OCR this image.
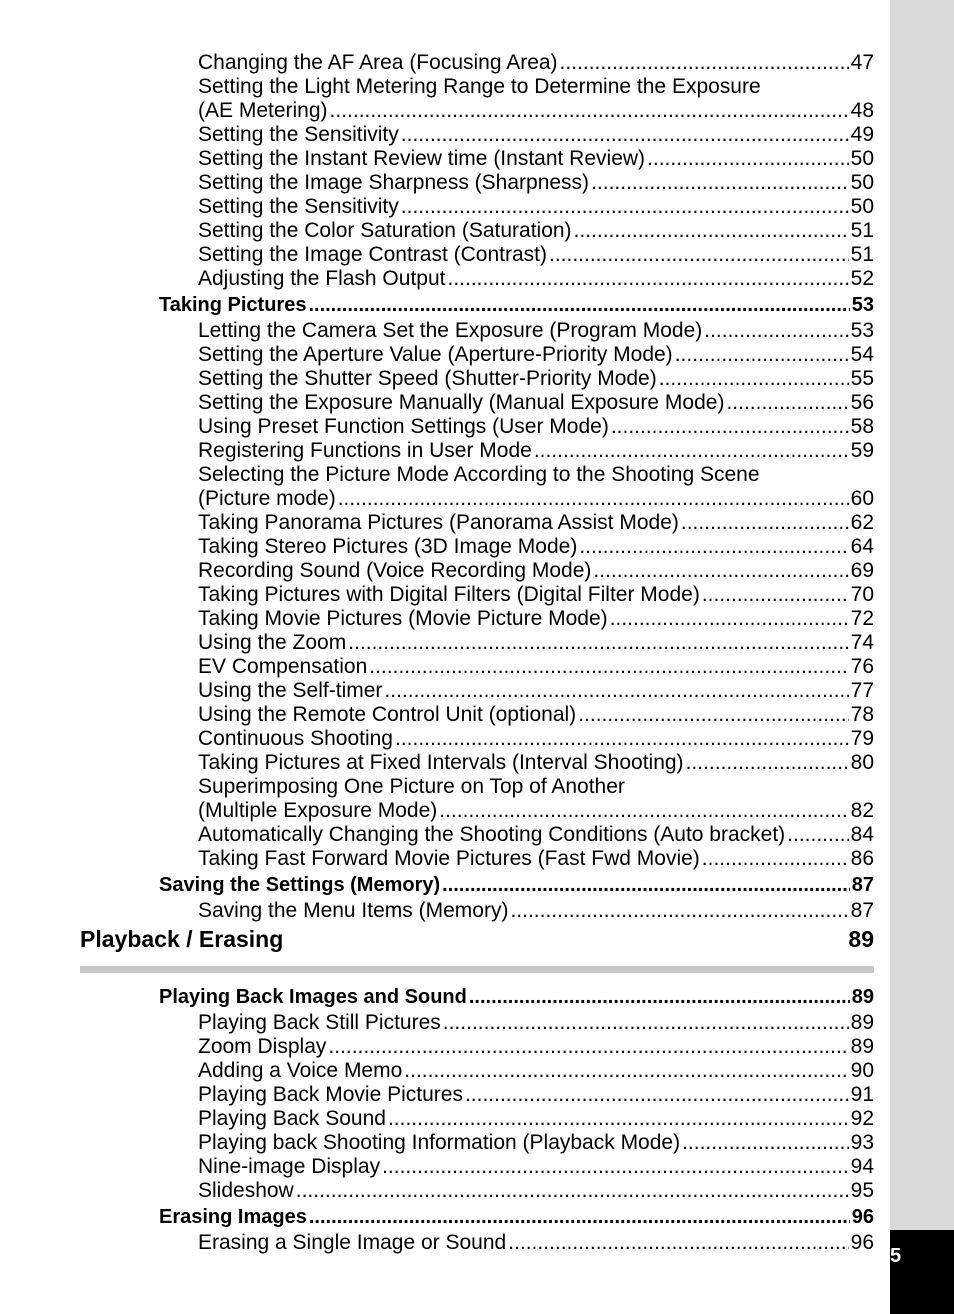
5
Changing the AF Area (Focusing Area) .....	47
Setting the Light Metering Range to Determine the Exposure
(AE Metering) .....	48
Setting the Sensitivity .....	49
Setting the Instant Review time (Instant Review) .....	50
Setting the Image Sharpness (Sharpness) .....	50
Setting the Sensitivity .....	50
Setting the Color Saturation (Saturation) .....	51
Setting the Image Contrast (Contrast) .....	51
Adjusting the Flash Output .....	52
Taking Pictures .....	53
Letting the Camera Set the Exposure (Program Mode) .....	53
Setting the Aperture Value (Aperture-Priority Mode) .....	54
Setting the Shutter Speed (Shutter-Priority Mode) .....	55
Setting the Exposure Manually (Manual Exposure Mode) .....	56
Using Preset Function Settings (User Mode) .....	58
Registering Functions in User Mode .....	59
Selecting the Picture Mode According to the Shooting Scene
(Picture mode) .....	60
Taking Panorama Pictures (Panorama Assist Mode) .....	62
Taking Stereo Pictures (3D Image Mode) .....	64
Recording Sound (Voice Recording Mode) .....	69
Taking Pictures with Digital Filters (Digital Filter Mode) .....	70
Taking Movie Pictures (Movie Picture Mode) .....	72
Using the Zoom .....	74
EV Compensation .....	76
Using the Self-timer .....	77
Using the Remote Control Unit (optional) .....	78
Continuous Shooting .....	79
Taking Pictures at Fixed Intervals (Interval Shooting) .....	80
Superimposing One Picture on Top of Another
(Multiple Exposure Mode) .....	82
Automatically Changing the Shooting Conditions (Auto bracket) .....	84
Taking Fast Forward Movie Pictures (Fast Fwd Movie) .....	86
Saving the Settings (Memory) .....	87
Saving the Menu Items (Memory) .....	87
Playback / Erasing	89
Playing Back Images and Sound .....	89
Playing Back Still Pictures .....	89
Zoom Display .....	89
Adding a Voice Memo .....	90
Playing Back Movie Pictures .....	91
Playing Back Sound .....	92
Playing back Shooting Information (Playback Mode) .....	93
Nine-image Display .....	94
Slideshow .....	95
Erasing Images .....	96
Erasing a Single Image or Sound .....	96
